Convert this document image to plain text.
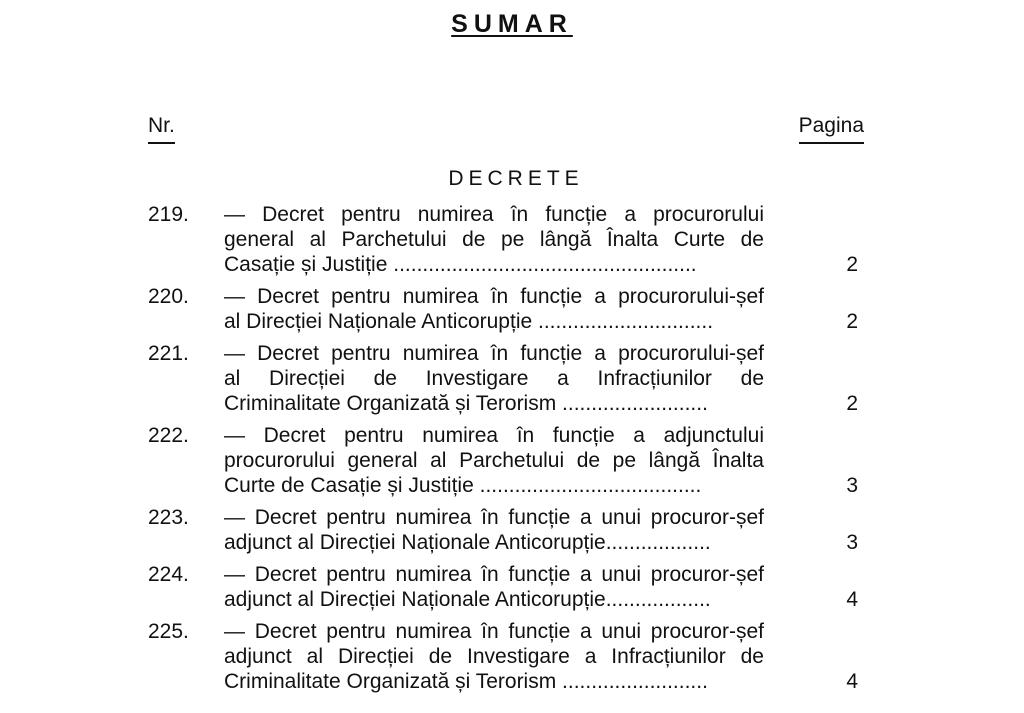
SUMAR
Nr.	Pagina
DECRETE
219. — Decret pentru numirea în funcție a procurorului
general al Parchetului de pe lângă Înalta Curte de
Casație și Justiție ....................................................	2
220. — Decret pentru numirea în funcție a procurorului-șef
al Direcției Naționale Anticorupție ..............................	2
221. — Decret pentru numirea în funcție a procurorului-șef
al Direcției de Investigare a Infracțiunilor de
Criminalitate Organizată și Terorism .........................	2
222. — Decret pentru numirea în funcție a adjunctului
procurorului general al Parchetului de pe lângă Înalta
Curte de Casație și Justiție ......................................	3
223. — Decret pentru numirea în funcție a unui procuror-șef
adjunct al Direcției Naționale Anticorupție..................	3
224. — Decret pentru numirea în funcție a unui procuror-șef
adjunct al Direcției Naționale Anticorupție..................	4
225. — Decret pentru numirea în funcție a unui procuror-șef
adjunct al Direcției de Investigare a Infracțiunilor de
Criminalitate Organizată și Terorism .........................	4
